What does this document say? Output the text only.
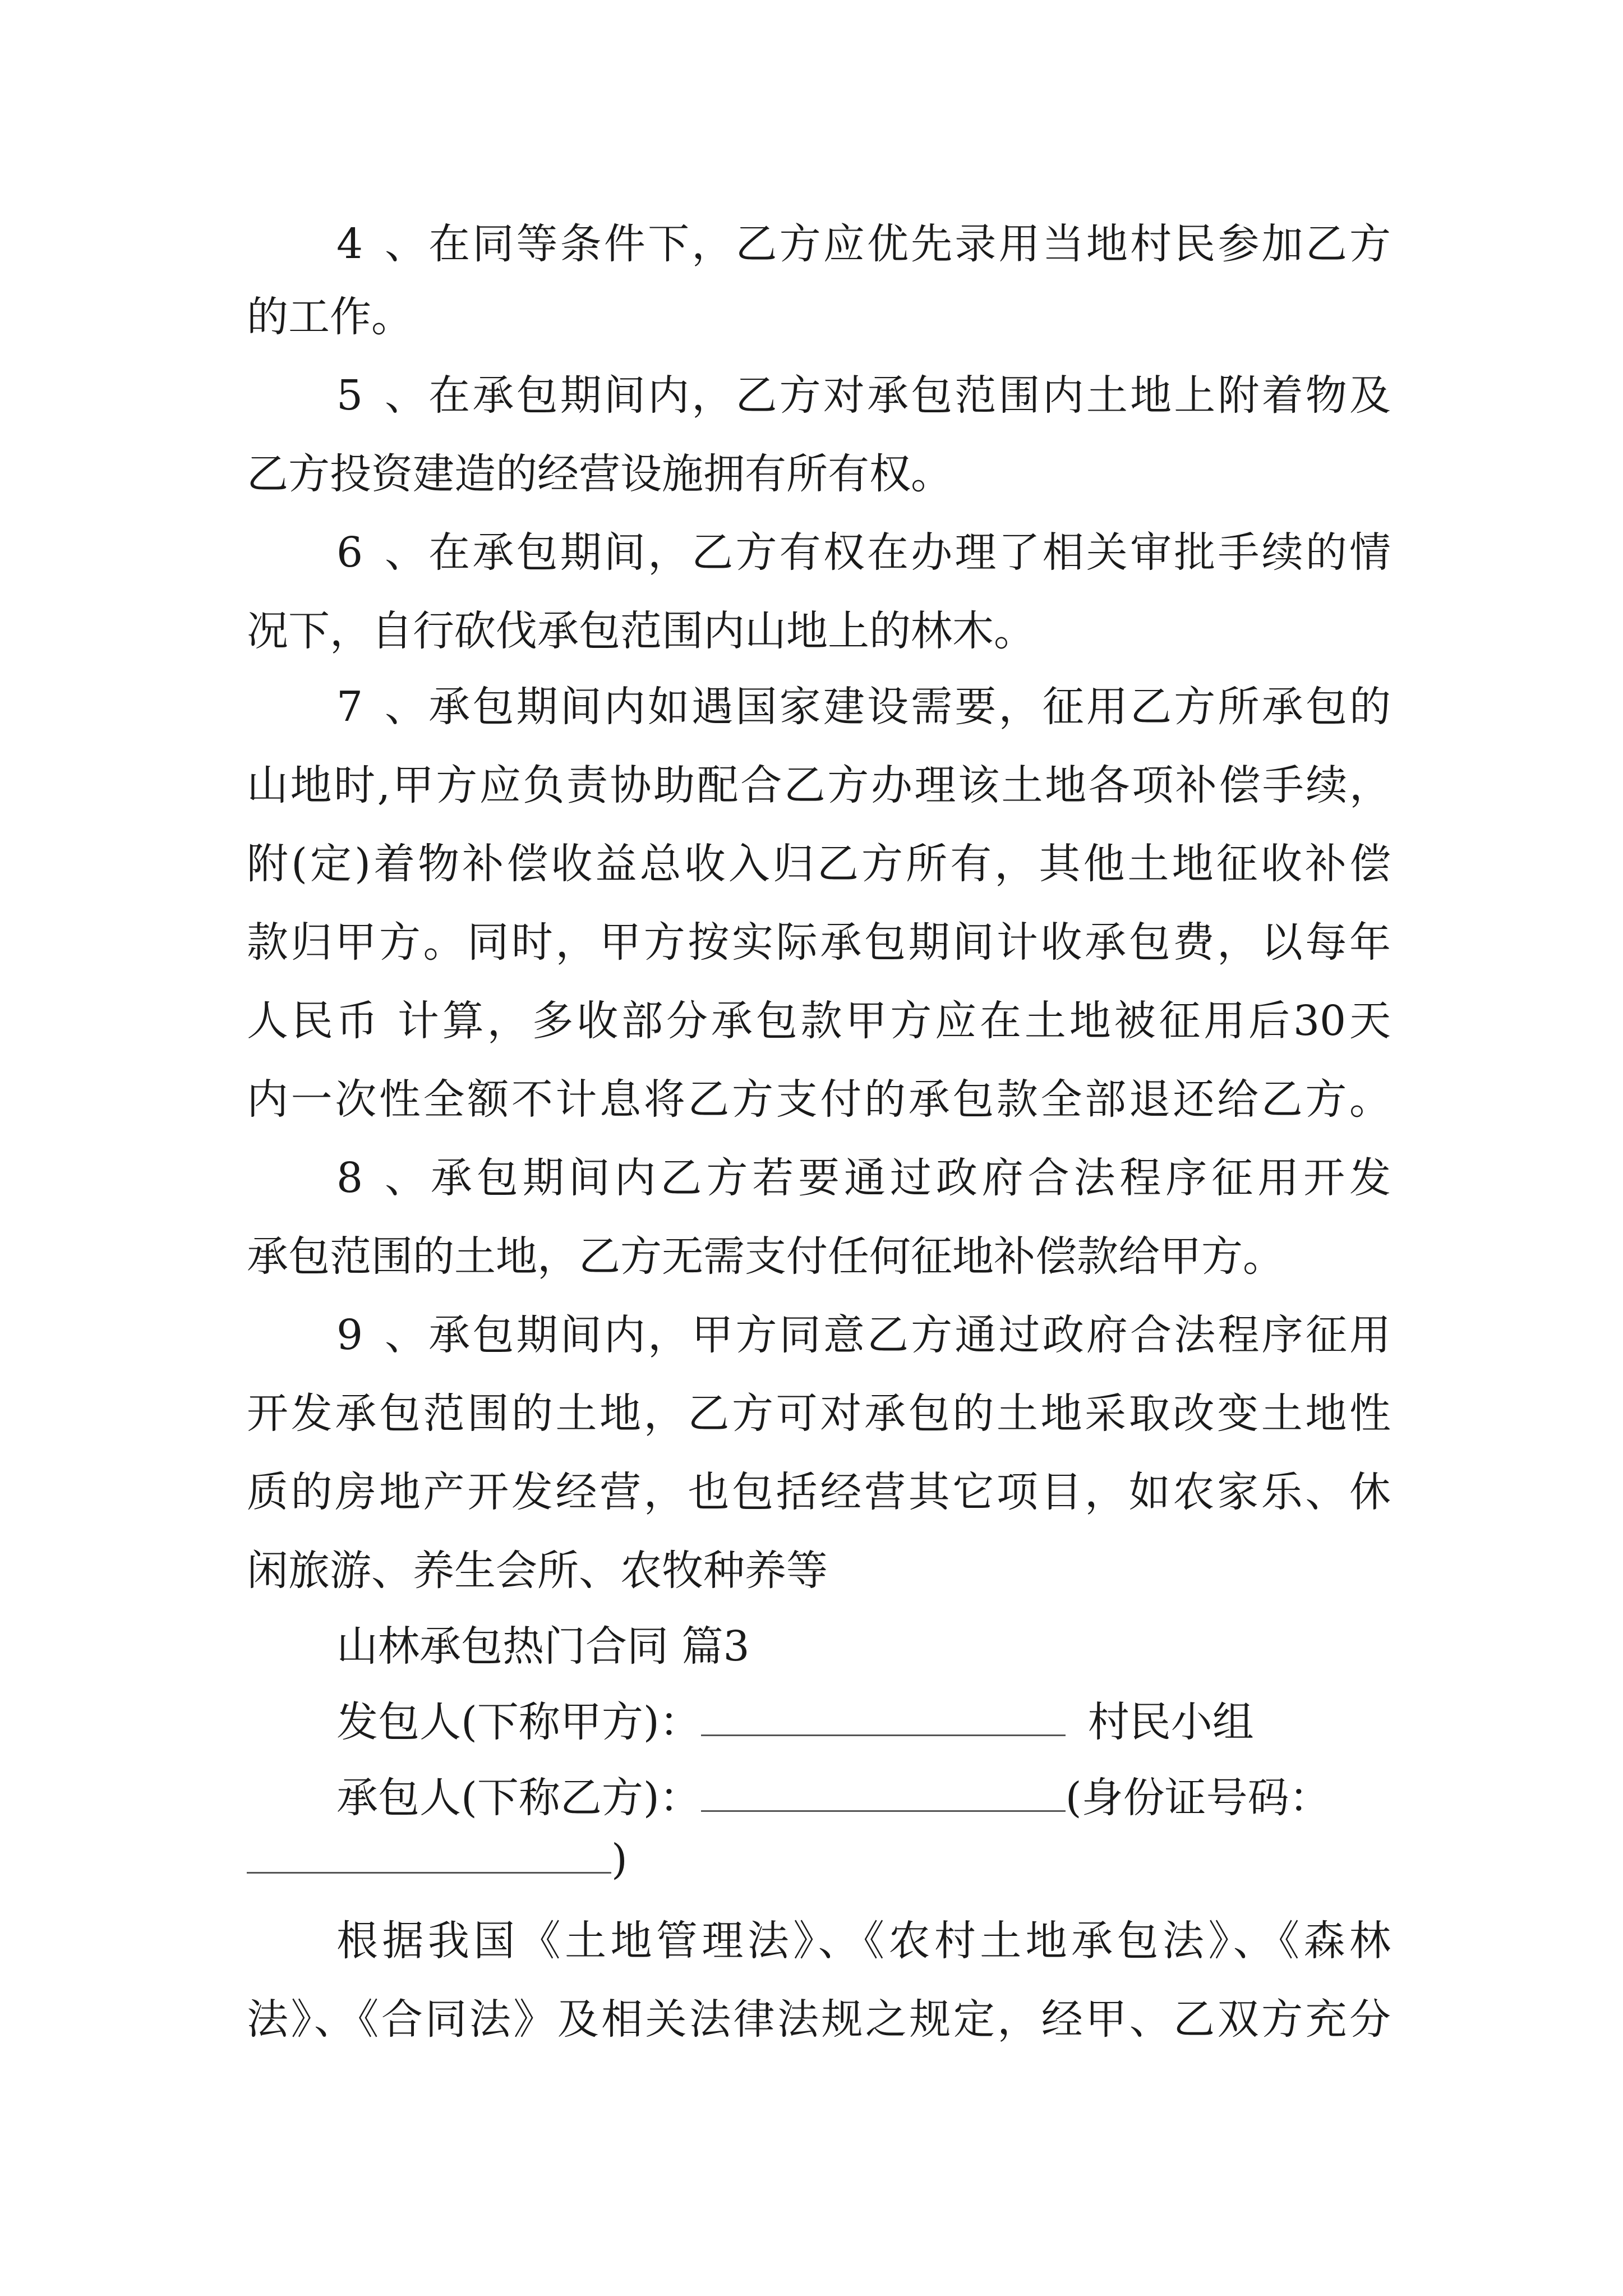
4、在同等条件下，乙方应优先录用当地村民参加乙方
的工作。
5、在承包期间内，乙方对承包范围内土地上附着物及
乙方投资建造的经营设施拥有所有权。
6、在承包期间，乙方有权在办理了相关审批手续的情
况下，自行砍伐承包范围内山地上的林木。
7、承包期间内如遇国家建设需要，征用乙方所承包的
山地时,甲方应负责协助配合乙方办理该土地各项补偿手续，
附(定)着物补偿收益总收入归乙方所有，其他土地征收补偿
款归甲方。同时，甲方按实际承包期间计收承包费，以每年
人民币 计算，多收部分承包款甲方应在土地被征用后30天
内一次性全额不计息将乙方支付的承包款全部退还给乙方。
8、承包期间内乙方若要通过政府合法程序征用开发
承包范围的土地，乙方无需支付任何征地补偿款给甲方。
9、承包期间内，甲方同意乙方通过政府合法程序征用
开发承包范围的土地，乙方可对承包的土地采取改变土地性
质的房地产开发经营，也包括经营其它项目，如农家乐、休
闲旅游、养生会所、农牧种养等
山林承包热门合同 篇3
发包人(下称甲方)：	村民小组
承包人(下称乙方)：	(身份证号码：
)
根据我国《土地管理法》、《农村土地承包法》、《森林
法》、《合同法》及相关法律法规之规定，经甲、乙双方充分
